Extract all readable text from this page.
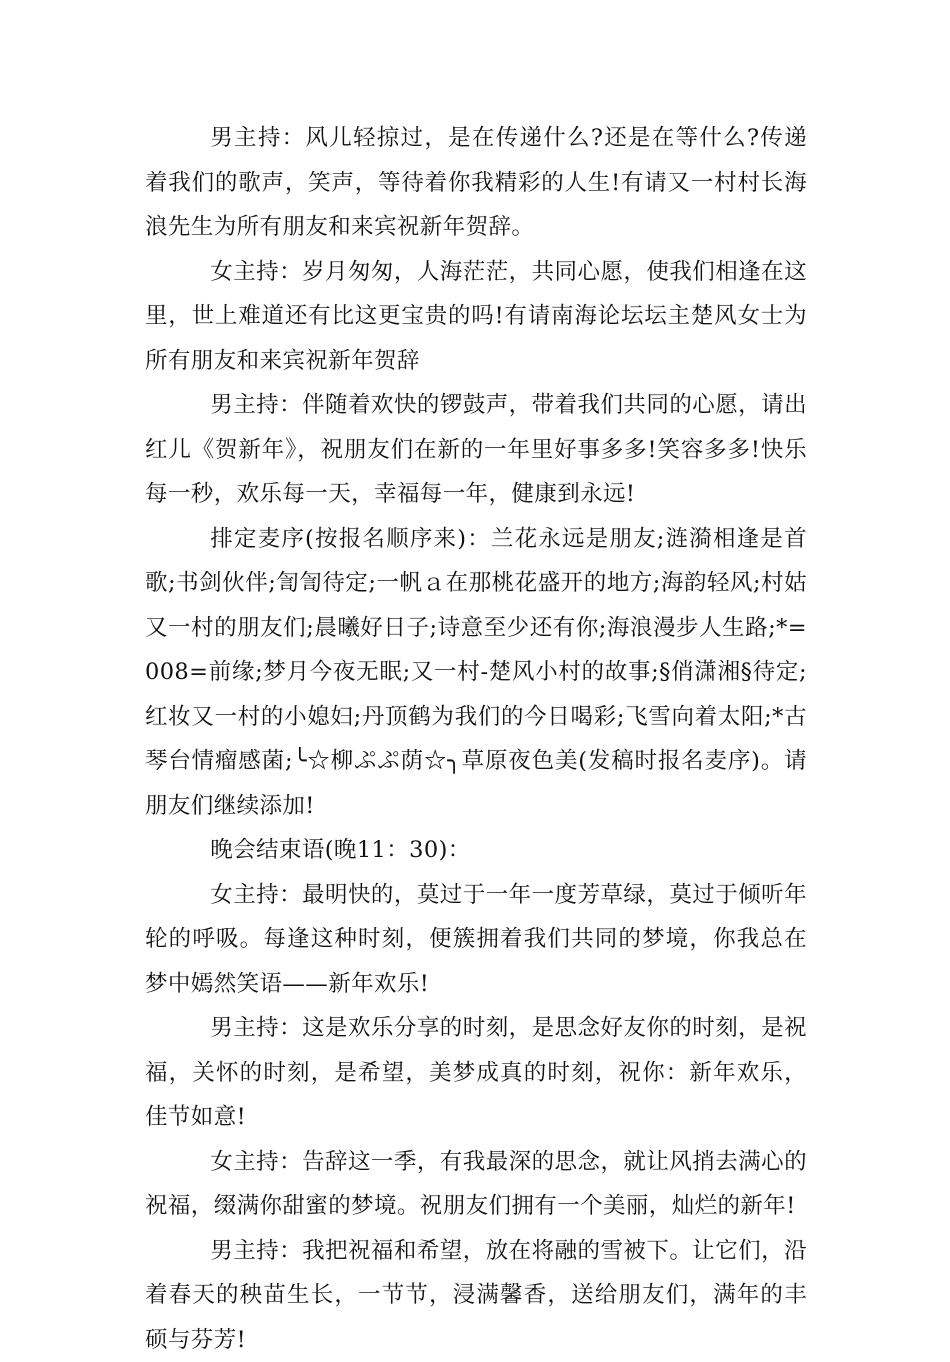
男主持：风儿轻掠过，是在传递什么?还是在等什么?传递着我们的歌声，笑声，等待着你我精彩的人生!有请又一村村长海浪先生为所有朋友和来宾祝新年贺辞。

女主持：岁月匆匆，人海茫茫，共同心愿，使我们相逢在这里，世上难道还有比这更宝贵的吗!有请南海论坛坛主楚风女士为所有朋友和来宾祝新年贺辞

男主持：伴随着欢快的锣鼓声，带着我们共同的心愿，请出红儿《贺新年》，祝朋友们在新的一年里好事多多!笑容多多!快乐每一秒，欢乐每一天，幸福每一年，健康到永远!

排定麦序(按报名顺序来)：兰花永远是朋友;涟漪相逢是首歌;书剑伙伴;訇訇待定;一帆ａ在那桃花盛开的地方;海韵轻风;村姑又一村的朋友们;晨曦好日子;诗意至少还有你;海浪漫步人生路;*=008=前缘;梦月今夜无眠;又一村-楚风小村的故事;§俏潇湘§待定;红妆又一村的小媳妇;丹顶鹤为我们的今日喝彩;飞雪向着太阳;*古琴台情瘤感菌;╰☆柳ぷぷ荫☆╮草原夜色美(发稿时报名麦序)。请朋友们继续添加!

晚会结束语(晚11：30)：

女主持：最明快的，莫过于一年一度芳草绿，莫过于倾听年轮的呼吸。每逢这种时刻，便簇拥着我们共同的梦境，你我总在梦中嫣然笑语——新年欢乐!

男主持：这是欢乐分享的时刻，是思念好友你的时刻，是祝福，关怀的时刻，是希望，美梦成真的时刻，祝你：新年欢乐，佳节如意!

女主持：告辞这一季，有我最深的思念，就让风捎去满心的祝福，缀满你甜蜜的梦境。祝朋友们拥有一个美丽，灿烂的新年!

男主持：我把祝福和希望，放在将融的雪被下。让它们，沿着春天的秧苗生长，一节节，浸满馨香，送给朋友们，满年的丰硕与芬芳!
